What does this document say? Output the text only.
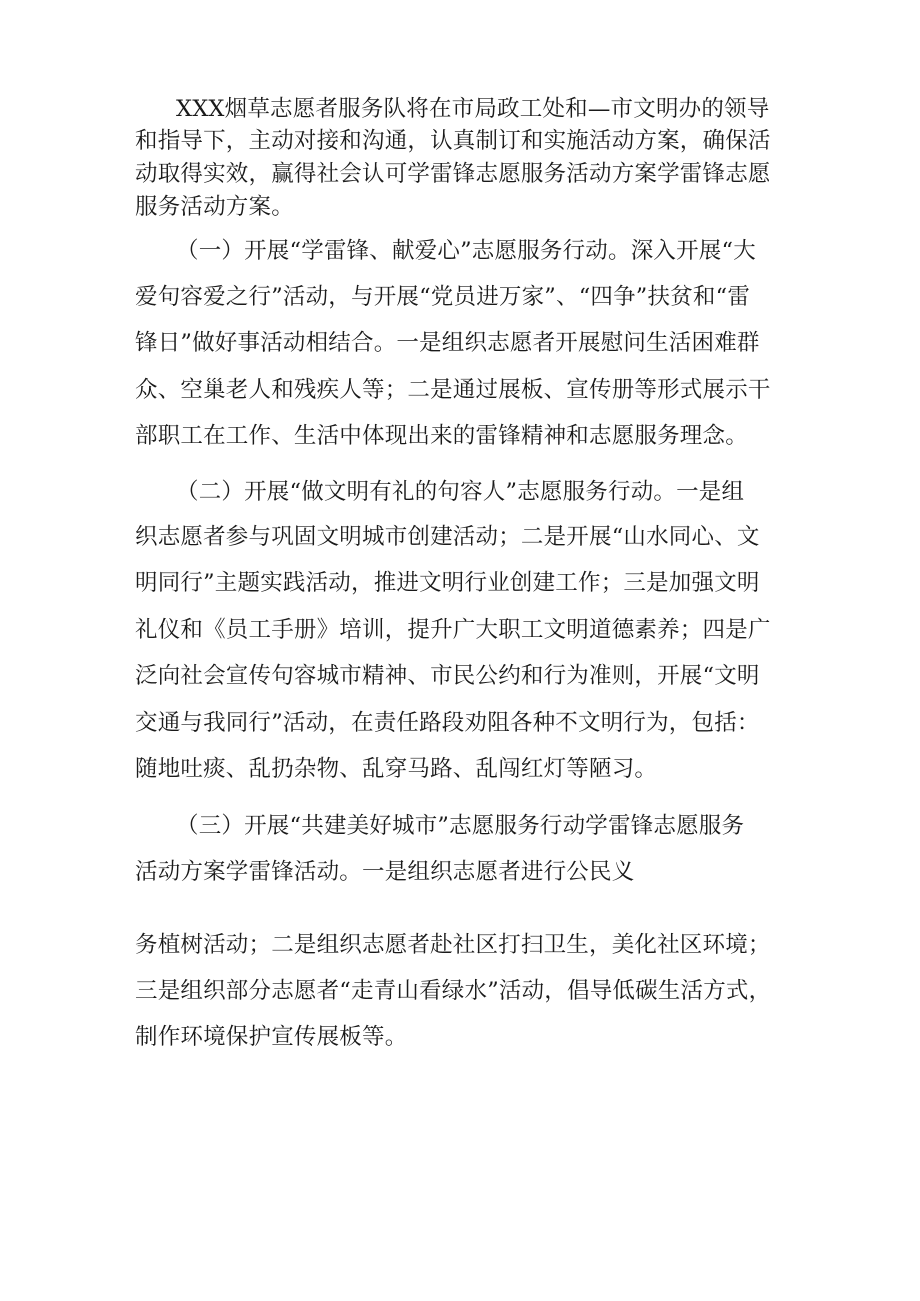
XXX烟草志愿者服务队将在市局政工处和—市文明办的领导
和指导下，主动对接和沟通，认真制订和实施活动方案，确保活
动取得实效，赢得社会认可学雷锋志愿服务活动方案学雷锋志愿
服务活动方案。
（一）开展“学雷锋、献爱心”志愿服务行动。深入开展“大
爱句容爱之行”活动，与开展“党员进万家”、“四争”扶贫和“雷
锋日”做好事活动相结合。一是组织志愿者开展慰问生活困难群
众、空巢老人和残疾人等；二是通过展板、宣传册等形式展示干
部职工在工作、生活中体现出来的雷锋精神和志愿服务理念。
（二）开展“做文明有礼的句容人”志愿服务行动。一是组
织志愿者参与巩固文明城市创建活动；二是开展“山水同心、文
明同行”主题实践活动，推进文明行业创建工作；三是加强文明
礼仪和《员工手册》培训，提升广大职工文明道德素养；四是广
泛向社会宣传句容城市精神、市民公约和行为准则，开展“文明
交通与我同行”活动，在责任路段劝阻各种不文明行为，包括：
随地吐痰、乱扔杂物、乱穿马路、乱闯红灯等陋习。
（三）开展“共建美好城市”志愿服务行动学雷锋志愿服务
活动方案学雷锋活动。一是组织志愿者进行公民义
务植树活动；二是组织志愿者赴社区打扫卫生，美化社区环境；
三是组织部分志愿者“走青山看绿水”活动，倡导低碳生活方式，
制作环境保护宣传展板等。
